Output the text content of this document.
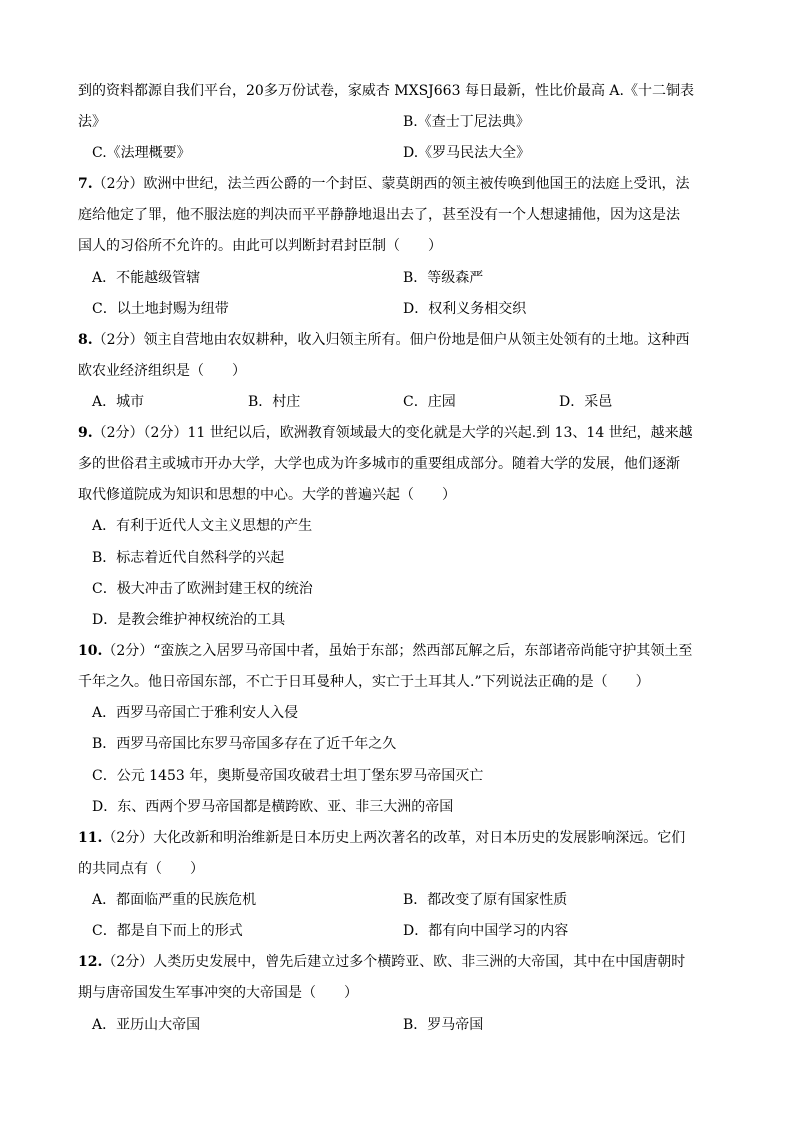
到的资料都源自我们平台，20多万份试卷，家威杏 MXSJ663 每日最新，性比价最高 A.《十二铜表
法》	B.《查士丁尼法典》
C.《法理概要》	D.《罗马民法大全》
7.（2分）欧洲中世纪，法兰西公爵的一个封臣、蒙莫朗西的领主被传唤到他国王的法庭上受讯，法
庭给他定了罪，他不服法庭的判决而平平静静地退出去了，甚至没有一个人想逮捕他，因为这是法
国人的习俗所不允许的。由此可以判断封君封臣制（　　）
A．不能越级管辖	B．等级森严
C．以土地封赐为纽带	D．权利义务相交织
8.（2分）领主自营地由农奴耕种，收入归领主所有。佃户份地是佃户从领主处领有的土地。这种西
欧农业经济组织是（　　）
A．城市	B．村庄	C．庄园	D．采邑
9.（2分）（2分）11 世纪以后，欧洲教育领域最大的变化就是大学的兴起.到 13、14 世纪，越来越
多的世俗君主或城市开办大学，大学也成为许多城市的重要组成部分。随着大学的发展，他们逐渐
取代修道院成为知识和思想的中心。大学的普遍兴起（　　）
A．有利于近代人文主义思想的产生
B．标志着近代自然科学的兴起
C．极大冲击了欧洲封建王权的统治
D．是教会维护神权统治的工具
10.（2分）“蛮族之入居罗马帝国中者，虽始于东部；然西部瓦解之后，东部诸帝尚能守护其领土至
千年之久。他日帝国东部，不亡于日耳曼种人，实亡于土耳其人.”下列说法正确的是（　　）
A．西罗马帝国亡于雅利安人入侵
B．西罗马帝国比东罗马帝国多存在了近千年之久
C．公元 1453 年，奥斯曼帝国攻破君士坦丁堡东罗马帝国灭亡
D．东、西两个罗马帝国都是横跨欧、亚、非三大洲的帝国
11.（2分）大化改新和明治维新是日本历史上两次著名的改革，对日本历史的发展影响深远。它们
的共同点有（　　）
A．都面临严重的民族危机	B．都改变了原有国家性质
C．都是自下而上的形式	D．都有向中国学习的内容
12.（2分）人类历史发展中，曾先后建立过多个横跨亚、欧、非三洲的大帝国，其中在中国唐朝时
期与唐帝国发生军事冲突的大帝国是（　　）
A．亚历山大帝国	B．罗马帝国
